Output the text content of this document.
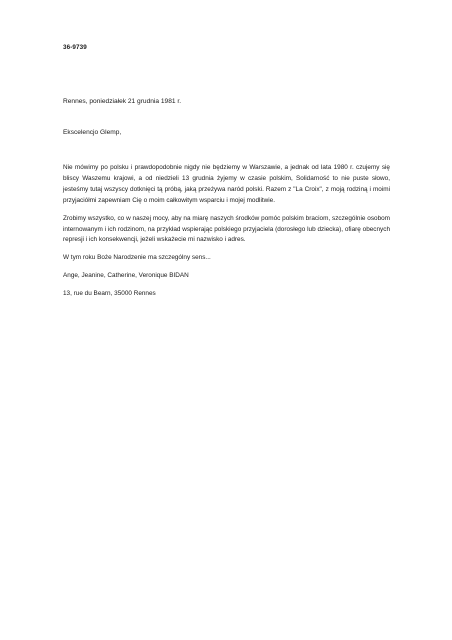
36-9739
Rennes, poniedziałek 21 grudnia 1981 r.
Ekscelencjo Glemp,

Nie mówimy po polsku i prawdopodobnie nigdy nie będziemy w Warszawie, a jednak od lata 1980 r. czujemy się bliscy Waszemu krajowi, a od niedzieli 13 grudnia żyjemy w czasie polskim, Solidarność to nie puste słowo, jesteśmy tutaj wszyscy dotknięci tą próbą, jaką przeżywa naród polski. Razem z "La Croix", z moją rodziną i moimi przyjaciółmi zapewniam Cię o moim całkowitym wsparciu i mojej modlitwie.

Zrobimy wszystko, co w naszej mocy, aby na miarę naszych środków pomóc polskim braciom, szczególnie osobom internowanym i ich rodzinom, na przykład wspierając polskiego przyjaciela (dorosłego lub dziecka), ofiarę obecnych represji i ich konsekwencji, jeżeli wskażecie mi nazwisko i adres.

W tym roku Boże Narodzenie ma szczególny sens...

Ange, Jeanine, Catherine, Veronique BIDAN

13, rue du Bearn, 35000 Rennes
